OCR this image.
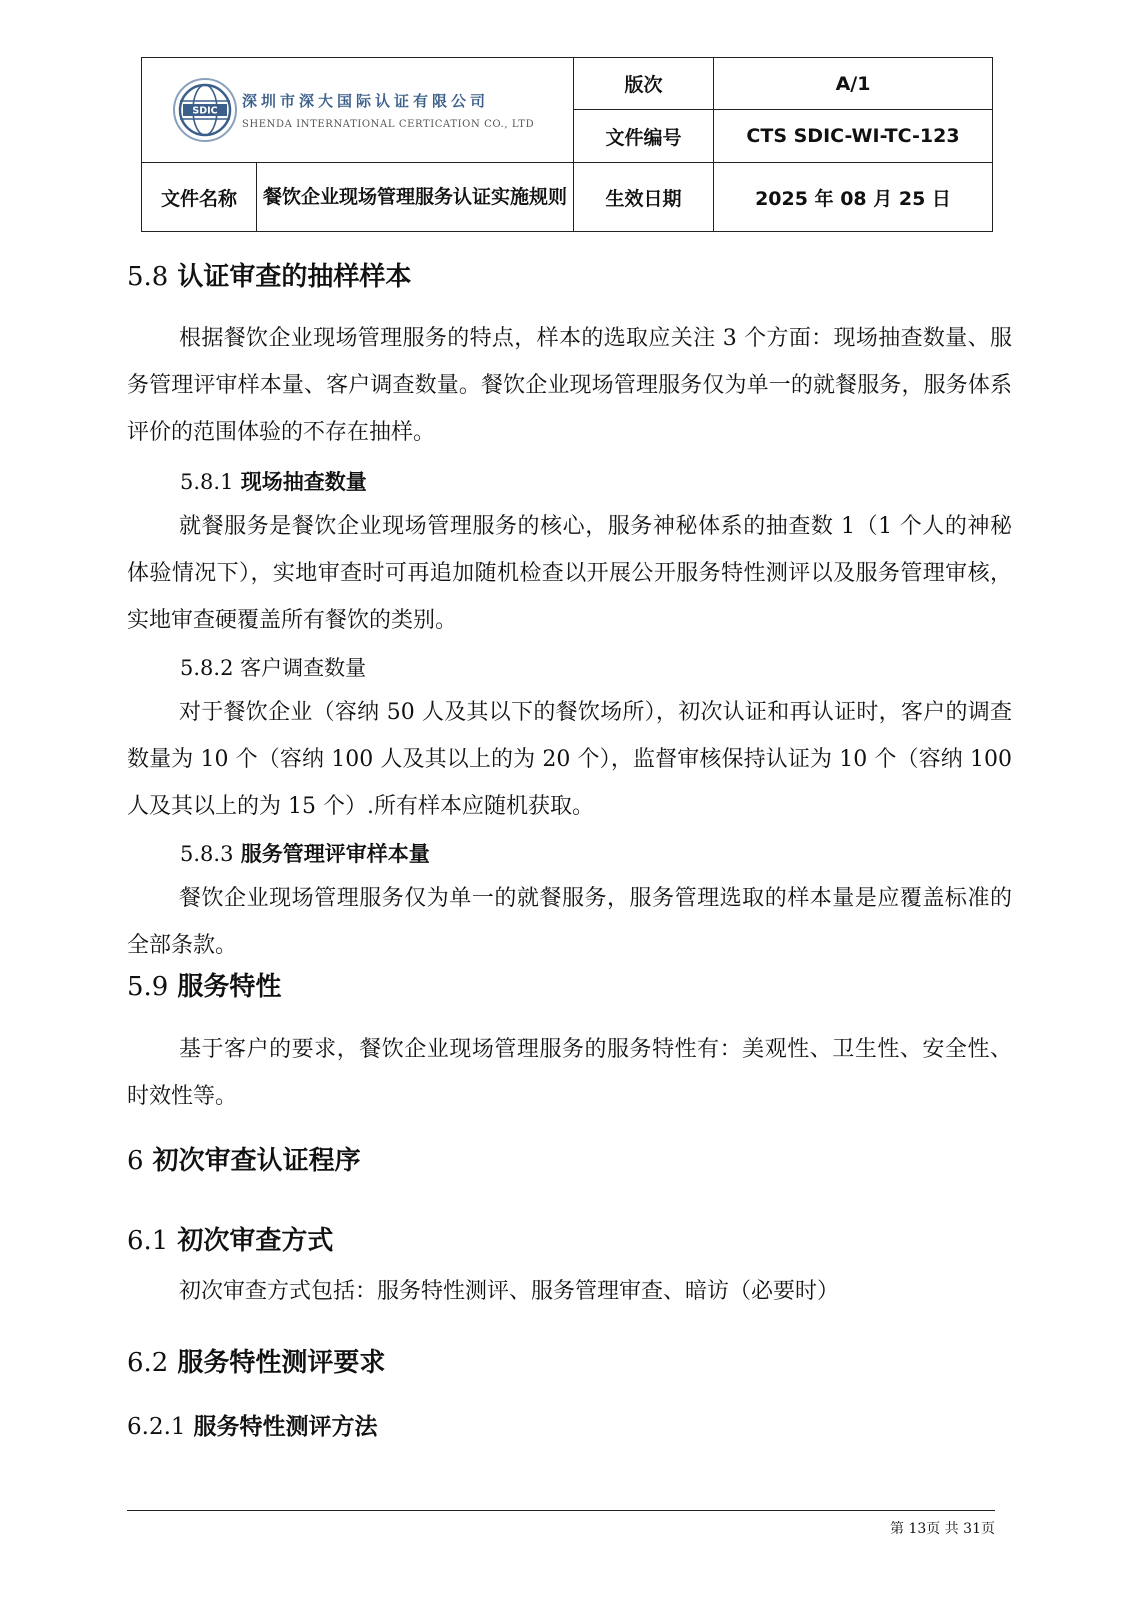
SDIC
深圳市深大国际认证有限公司
SHENDA INTERNATIONAL CERTICATION CO., LTD		版次	A/1
		文件编号	CTS SDIC-WI-TC-123
文件名称	餐饮企业现场管理服务认证实施规则	生效日期	2025 年 08 月 25 日
5.8 认证审查的抽样样本

根据餐饮企业现场管理服务的特点，样本的选取应关注 3 个方面：现场抽查数量、服务管理评审样本量、客户调查数量。餐饮企业现场管理服务仅为单一的就餐服务，服务体系评价的范围体验的不存在抽样。

5.8.1 现场抽查数量

就餐服务是餐饮企业现场管理服务的核心，服务神秘体系的抽查数 1（1 个人的神秘体验情况下），实地审查时可再追加随机检查以开展公开服务特性测评以及服务管理审核，实地审查硬覆盖所有餐饮的类别。

5.8.2 客户调查数量

对于餐饮企业（容纳 50 人及其以下的餐饮场所），初次认证和再认证时，客户的调查数量为 10 个（容纳 100 人及其以上的为 20 个），监督审核保持认证为 10 个（容纳 100 人及其以上的为 15 个）.所有样本应随机获取。

5.8.3 服务管理评审样本量

餐饮企业现场管理服务仅为单一的就餐服务，服务管理选取的样本量是应覆盖标准的全部条款。

5.9 服务特性

基于客户的要求，餐饮企业现场管理服务的服务特性有：美观性、卫生性、安全性、时效性等。

6 初次审查认证程序
6.1 初次审查方式

初次审查方式包括：服务特性测评、服务管理审查、暗访（必要时）

6.2 服务特性测评要求
6.2.1 服务特性测评方法
第 13页 共 31页
